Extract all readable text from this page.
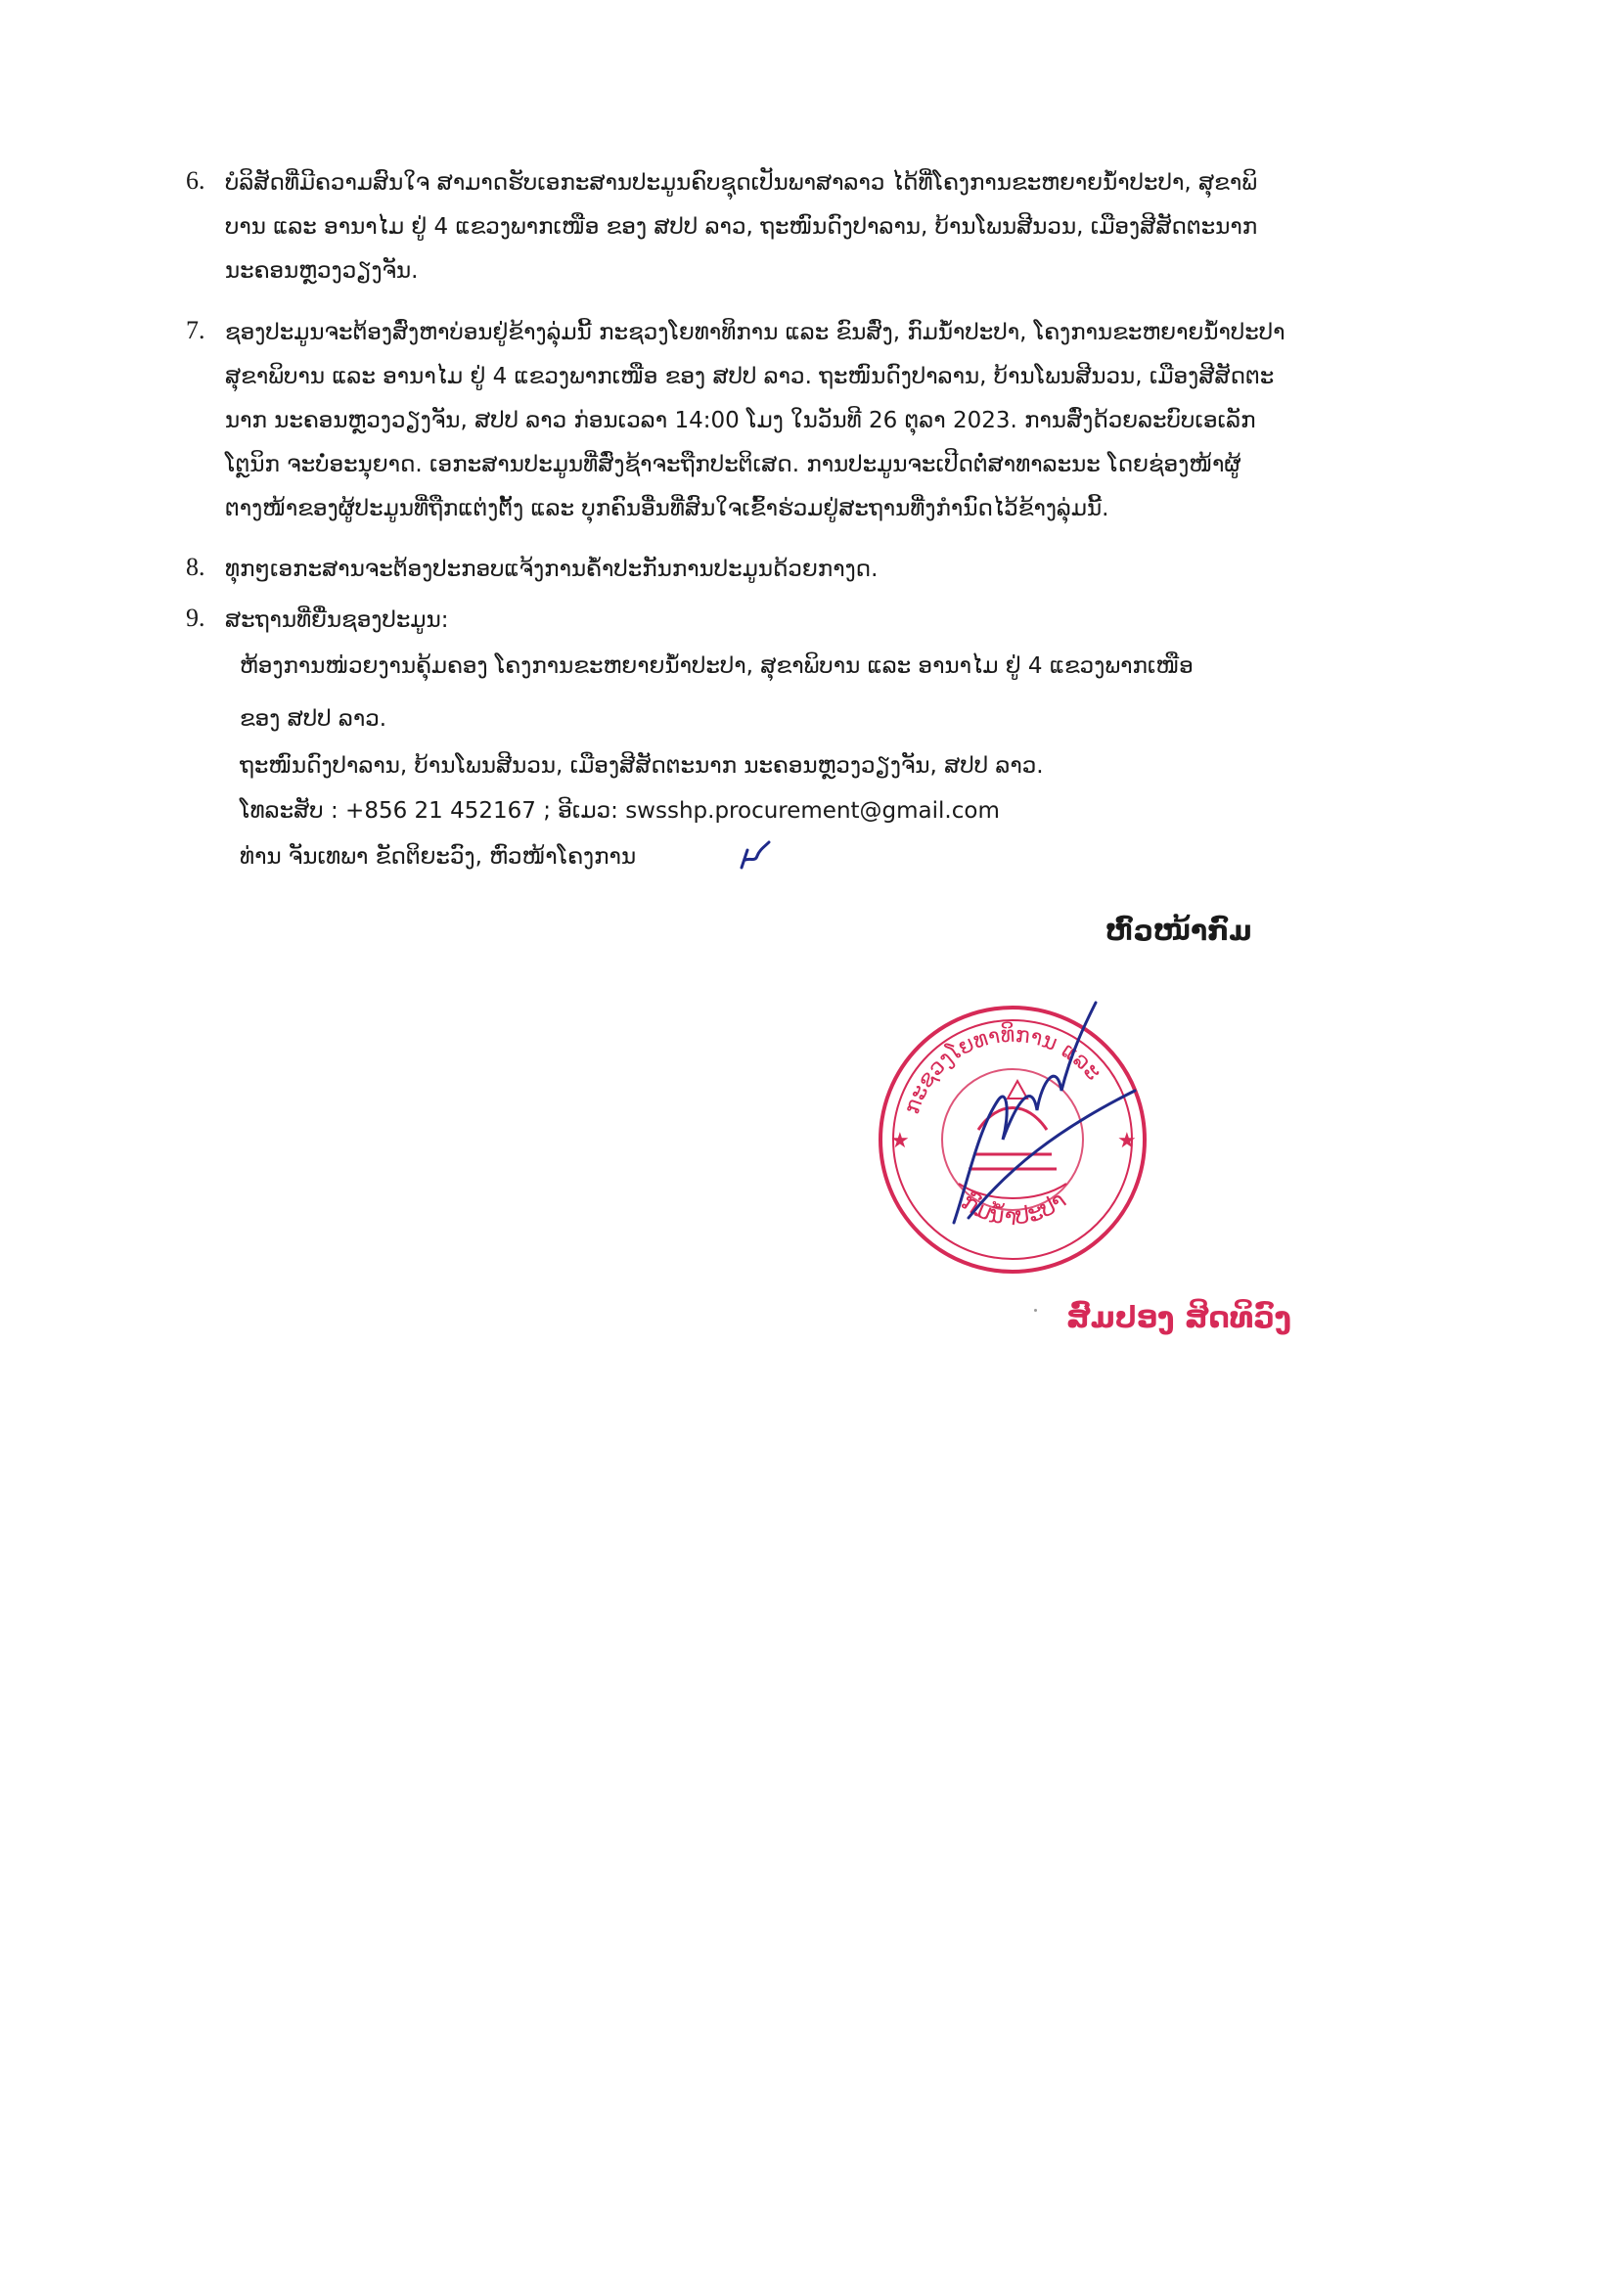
6. ບໍລິສັດທີ່ມີຄວາມສົນໃຈ ສາມາດຮັບເອກະສານປະມູນຄົບຊຸດເປັນພາສາລາວ ໄດ້ທີ່ໂຄງການຂະຫຍາຍນ້ຳປະປາ, ສຸຂາພິ
ບານ ແລະ ອານາໄມ ຢູ່ 4 ແຂວງພາກເໜືອ ຂອງ ສປປ ລາວ, ຖະໜົນດົງປາລານ, ບ້ານໂພນສີນວນ, ເມືອງສີສັດຕະນາກ
ນະຄອນຫຼວງວຽງຈັນ.
7. ຊອງປະມູນຈະຕ້ອງສົ່ງຫາບ່ອນຢູ່ຂ້າງລຸ່ມນີ້ ກະຊວງໂຍທາທິການ ແລະ ຂົນສົ່ງ, ກົມນ້ຳປະປາ, ໂຄງການຂະຫຍາຍນ້ຳປະປາ
ສຸຂາພິບານ ແລະ ອານາໄມ ຢູ່ 4 ແຂວງພາກເໜືອ ຂອງ ສປປ ລາວ. ຖະໜົນດົງປາລານ, ບ້ານໂພນສີນວນ, ເມືອງສີສັດຕະ
ນາກ ນະຄອນຫຼວງວຽງຈັນ, ສປປ ລາວ ກ່ອນເວລາ 14:00 ໂມງ ໃນວັນທີ 26 ຕຸລາ 2023. ການສົ່ງດ້ວຍລະບົບເອເລັກ
ໂຕຼນິກ ຈະບໍ່ອະນຸຍາດ. ເອກະສານປະມູນທີ່ສົ່ງຊ້າຈະຖືກປະຕິເສດ. ການປະມູນຈະເປີດຕໍ່ສາທາລະນະ ໂດຍຊ່ອງໜ້າຜູ້
ຕາງໜ້າຂອງຜູ້ປະມູນທີ່ຖືກແຕ່ງຕັ້ງ ແລະ ບຸກຄົນອື່ນທີ່ສົນໃຈເຂົ້າຮ່ວມຢູ່ສະຖານທີ່ງກໍານົດໄວ້ຂ້າງລຸ່ມນີ້.
8. ທຸກໆເອກະສານຈະຕ້ອງປະກອບແຈ້ງການຄ້ຳປະກັນການປະມູນດ້ວຍກາງດ.
9. ສະຖານທີ່ຍື່ນຊອງປະມູນ:
ຫ້ອງການໜ່ວຍງານຄຸ້ມຄອງ ໂຄງການຂະຫຍາຍນ້ຳປະປາ, ສຸຂາພິບານ ແລະ ອານາໄມ ຢູ່ 4 ແຂວງພາກເໜືອ
ຂອງ ສປປ ລາວ.
ຖະໜົນດົງປາລານ, ບ້ານໂພນສີນວນ, ເມືອງສີສັດຕະນາກ ນະຄອນຫຼວງວຽງຈັນ, ສປປ ລາວ.
ໂທລະສັບ : +856 21 452167 ; ອີເມວ: swsshp.procurement@gmail.com
ທ່ານ ຈັນເທພາ ຂັດຕິຍະວົງ, ຫົວໜ້າໂຄງການ
ຫົວໜ້າກົມ
★	★
ກະຊວງໂຍທາທິການ ແລະ
ກົມນ້ຳປະປາ
ສົມປອງ ສິດທິວົງ
